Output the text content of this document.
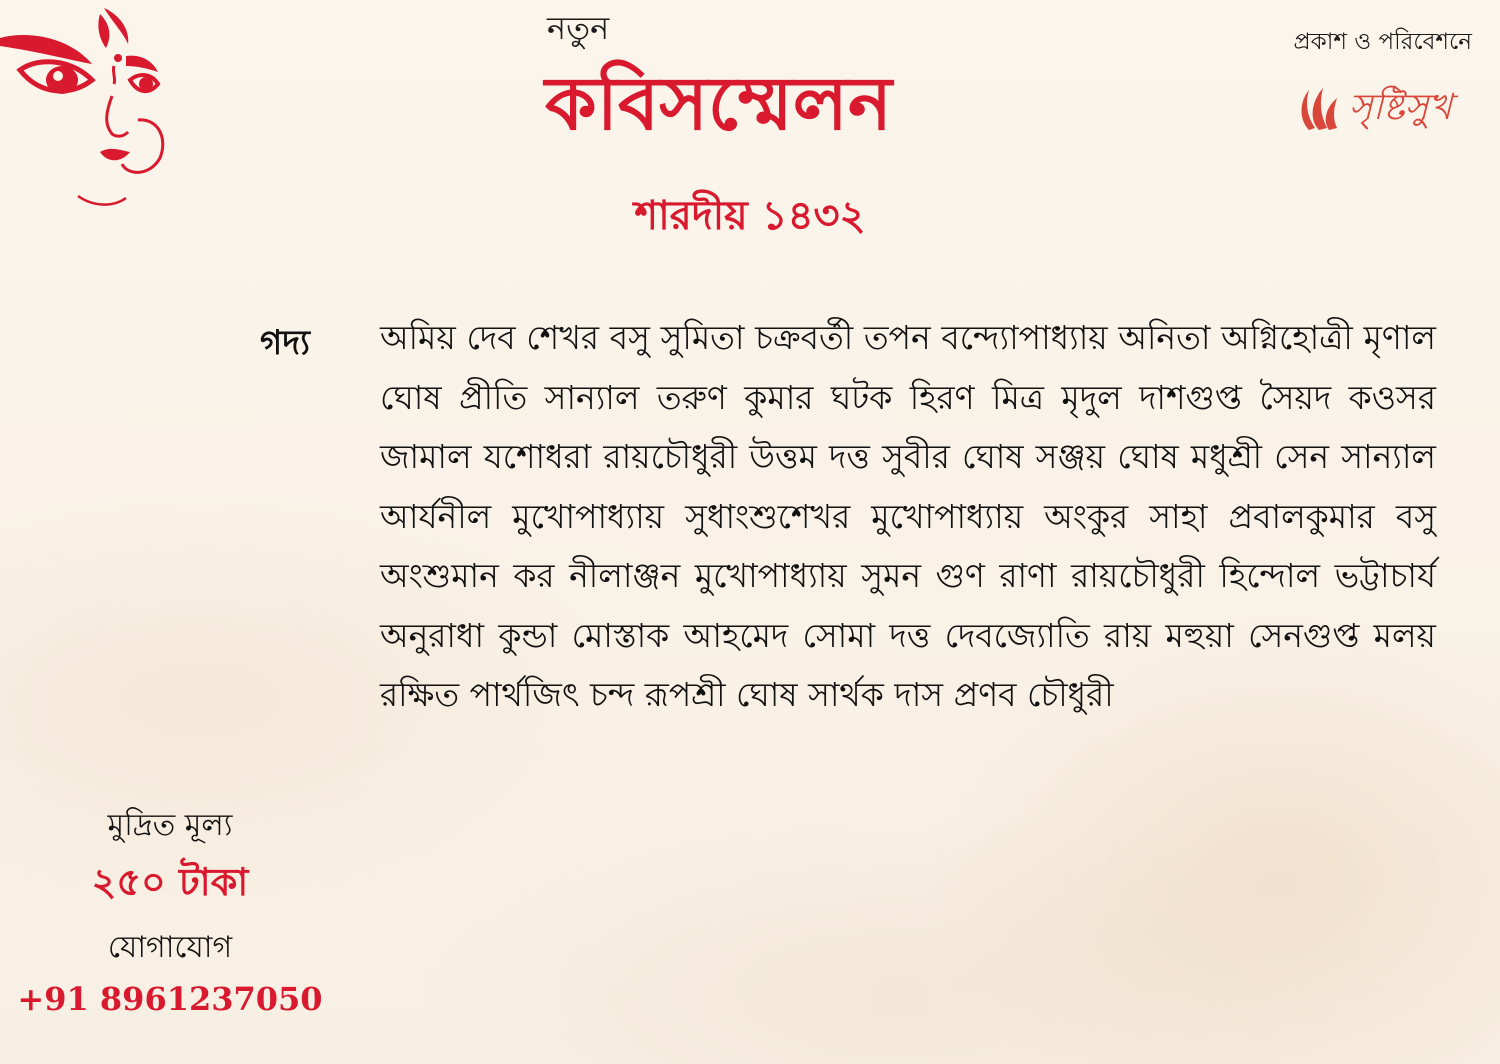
নতুন
কবিসম্মেলন
শারদীয় ১৪৩২
প্রকাশ ও পরিবেশনে
সৃষ্টিসুখ
গদ্য অমিয় দেব শেখর বসু সুমিতা চক্রবর্তী তপন বন্দ্যোপাধ্যায় অনিতা অগ্নিহোত্রী মৃণাল ঘোষ প্রীতি সান্যাল তরুণ কুমার ঘটক হিরণ মিত্র মৃদুল দাশগুপ্ত সৈয়দ কওসর জামাল যশোধরা রায়চৌধুরী উত্তম দত্ত সুবীর ঘোষ সঞ্জয় ঘোষ মধুশ্রী সেন সান্যাল আর্যনীল মুখোপাধ্যায় সুধাংশুশেখর মুখোপাধ্যায় অংকুর সাহা প্রবালকুমার বসু অংশুমান কর নীলাঞ্জন মুখোপাধ্যায় সুমন গুণ রাণা রায়চৌধুরী হিন্দোল ভট্টাচার্য অনুরাধা কুন্ডা মোস্তাক আহমেদ সোমা দত্ত দেবজ্যোতি রায় মহুয়া সেনগুপ্ত মলয় রক্ষিত পার্থজিৎ চন্দ রূপশ্রী ঘোষ সার্থক দাস প্রণব চৌধুরী

মুদ্রিত মূল্য
২৫০ টাকা
যোগাযোগ
+91 8961237050
